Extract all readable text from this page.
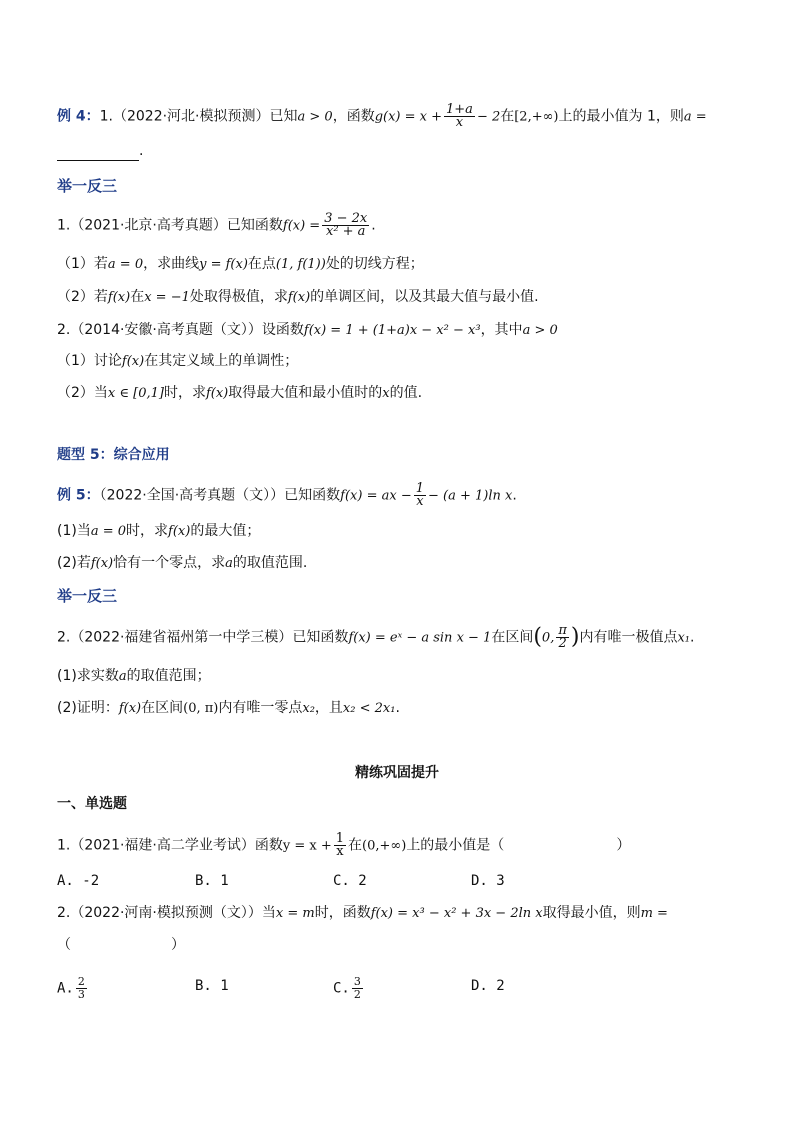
例 4：1.（2022·河北·模拟预测）已知a > 0，函数$g(x) = x + \frac{1+a}{x} - 2$在[2,+∞)上的最小值为 1，则a =
.
举一反三
1.（2021·北京·高考真题）已知函数$f(x) = \frac{3 - 2x}{\text{x² + a}}$ .
（1）若a = 0，求曲线y = f(x)在点(1, f(1))处的切线方程；
（2）若f(x)在x = −1处取得极值，求f(x)的单调区间，以及其最大值与最小值.
2.（2014·安徽·高考真题（文））设函数f(x) = 1 + (1+a)x − x² − x³，其中a > 0
（1）讨论f(x)在其定义域上的单调性；
（2）当x ∈ [0,1]时，求f(x)取得最大值和最小值时的x的值.
题型 5：综合应用
例 5：（2022·全国·高考真题（文））已知函数f(x) = ax − $\frac{1}{x} - (a + 1)\ln$ x.
(1)当a = 0时，求f(x)的最大值；
(2)若f(x)恰有一个零点，求a的取值范围.
举一反三
2.（2022·福建省福州第一中学三模）已知函数f(x) = eˣ − a sin x − 1在区间(0, $\frac{\pi}{2}$ )内有唯一极值点x₁.
(1)求实数a的取值范围；
(2)证明：f(x)在区间(0, π)内有唯一零点x₂，且x₂ < 2x₁.
精练巩固提升
一、单选题
1.（2021·福建·高二学业考试）函数$y = x + \frac{1}{x}$ 在(0,+∞)上的最小值是（	）
A. -2	B. 1	C. 2	D. 3
2.（2022·河南·模拟预测（文））当x = m时，函数f(x) = x³ − x² + 3x − 2ln x取得最小值，则m =
（	）
A. $\frac{2}{3}$	B. 1	C. $\frac{3}{2}$	D. 2
